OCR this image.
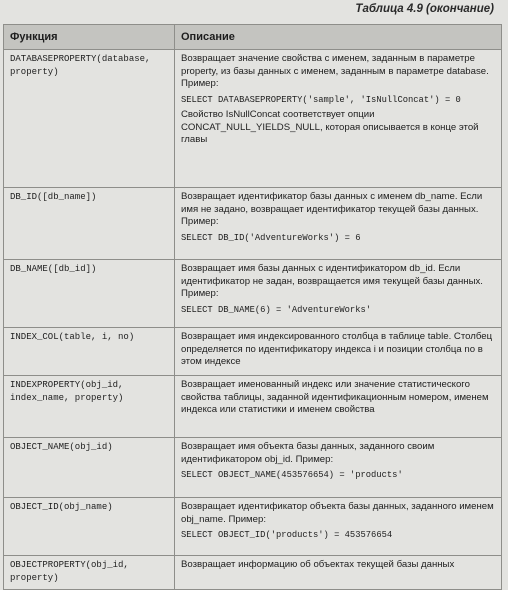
Таблица 4.9 (окончание)
Функция	Описание
DATABASEPROPERTY(database, property)	Возвращает значение свойства с именем, заданным в параметре property, из базы данных с именем, заданным в параметре database. Пример:

SELECT DATABASEPROPERTY('sample', 'IsNullConcat') = 0

Свойство IsNullConcat соответствует опции CONCAT_NULL_YIELDS_NULL, которая описывается в конце этой главы

DB_ID([db_name])	Возвращает идентификатор базы данных с именем db_name. Если имя не задано, возвращает идентификатор текущей базы данных. Пример:

SELECT DB_ID('AdventureWorks') = 6

DB_NAME([db_id])	Возвращает имя базы данных с идентификатором db_id. Если идентификатор не задан, возвращается имя текущей базы данных. Пример:

SELECT DB_NAME(6) = 'AdventureWorks'

INDEX_COL(table, i, no)	Возвращает имя индексированного столбца в таблице table. Столбец определяется по идентификатору индекса i и позиции столбца no в этом индексе

INDEXPROPERTY(obj_id, index_name, property)	Возвращает именованный индекс или значение статистического свойства таблицы, заданной идентификационным номером, именем индекса или статистики и именем свойства

OBJECT_NAME(obj_id)	Возвращает имя объекта базы данных, заданного своим идентификатором obj_id. Пример:

SELECT OBJECT_NAME(453576654) = 'products'

OBJECT_ID(obj_name)	Возвращает идентификатор объекта базы данных, заданного именем obj_name. Пример:

SELECT OBJECT_ID('products') = 453576654

OBJECTPROPERTY(obj_id, property)	Возвращает информацию об объектах текущей базы данных
